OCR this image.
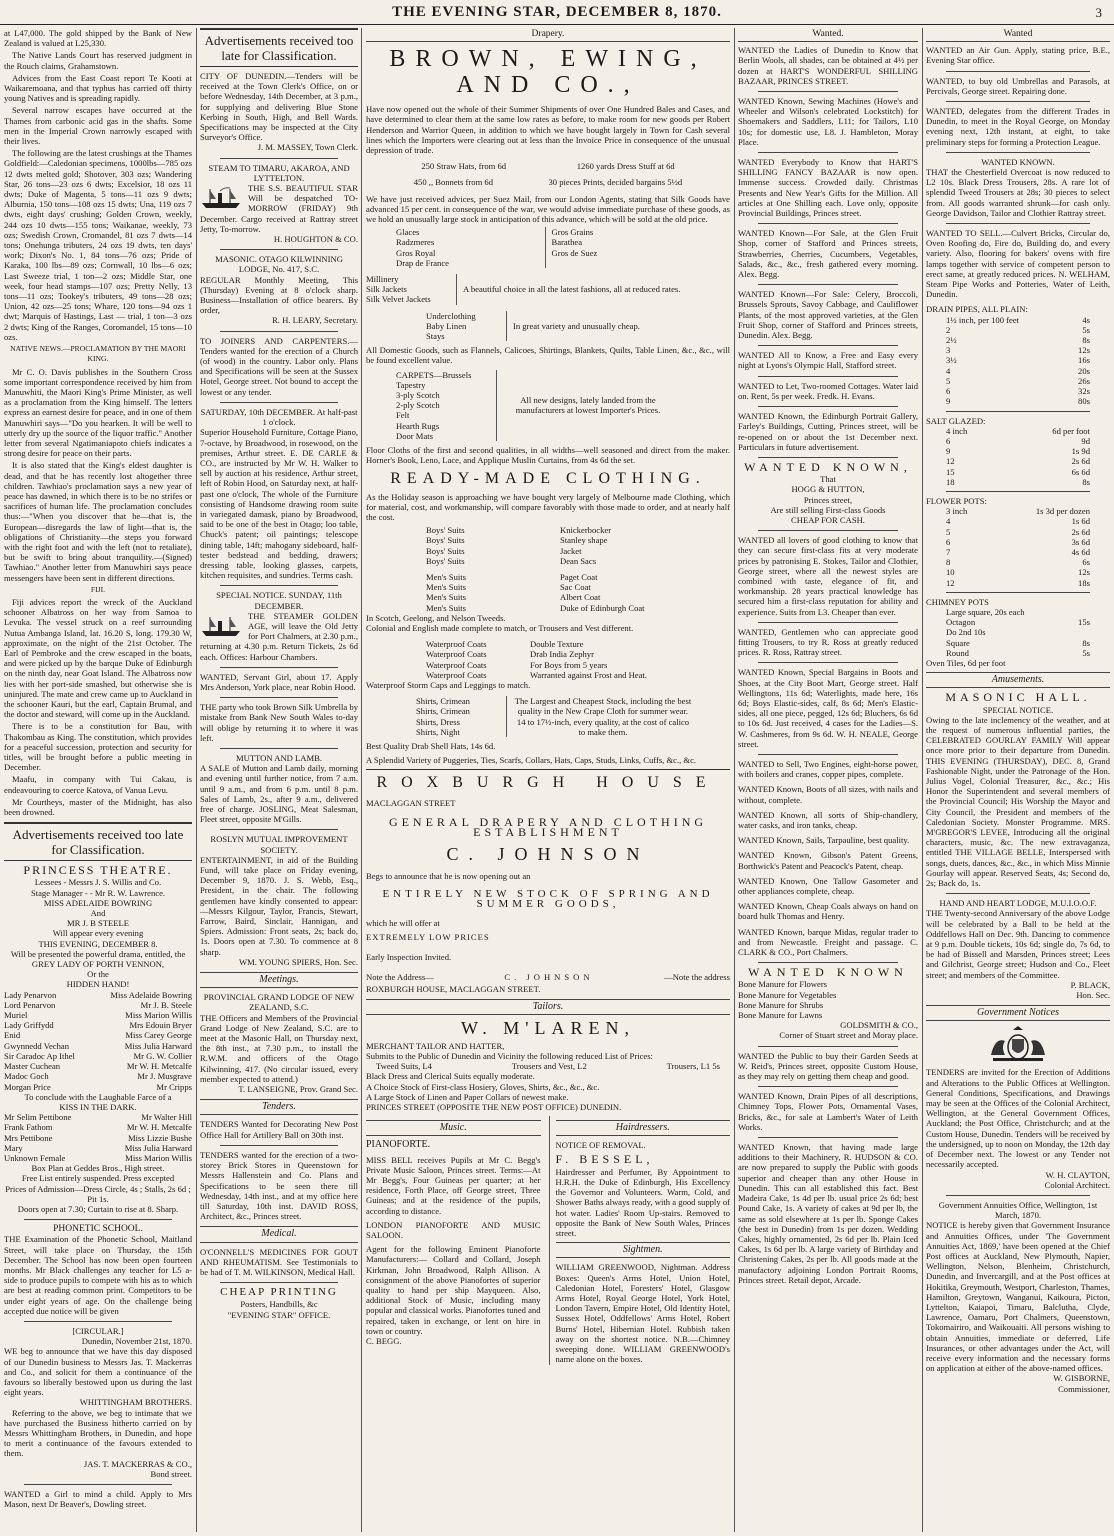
THE EVENING STAR, DECEMBER 8, 1870.	3

at L47,000. The gold shipped by the Bank of New Zealand is valued at L25,330.

The Native Lands Court has reserved judgment in the Rouch claims, Grahamstown.

Advices from the East Coast report Te Kooti at Waikaremoana, and that typhus has carried off thirty young Natives and is spreading rapidly.

Several narrow escapes have occurred at the Thames from carbonic acid gas in the shafts. Some men in the Imperial Crown narrowly escaped with their lives.

The following are the latest crushings at the Thames Goldfield:—Caledonian specimens, 1000lbs—785 ozs 12 dwts melted gold; Shotover, 303 ozs; Wandering Star, 26 tons—23 ozs 6 dwts; Excelsior, 18 ozs 11 dwts; Duke of Magenta, 5 tons—11 ozs 9 dwts; Alburnia, 150 tons—108 ozs 15 dwts; Una, 119 ozs 7 dwts, eight days' crushing; Golden Crown, weekly, 244 ozs 10 dwts—155 tons; Waikanae, weekly, 73 ozs; Swedish Crown, Cromandel, 81 ozs 7 dwts—14 tons; Onehunga tributers, 24 ozs 19 dwts, ten days' work; Dixon's No. 1, 84 tons—76 ozs; Pride of Karaka, 100 lbs—89 ozs; Cornwall, 10 lbs—6 ozs; Last Sweeze trial, 1 ton—2 ozs; Middle Star, one week, four head stamps—107 ozs; Pretty Nelly, 13 tons—11 ozs; Tookey's tributers, 49 tons—28 ozs; Union, 42 ozs—25 tons; Whare, 120 tons—94 ozs 1 dwt; Marquis of Hastings, Last — trial, 1 ton—3 ozs 2 dwts; King of the Ranges, Coromandel, 15 tons—10 ozs.

NATIVE NEWS.—PROCLAMATION BY THE MAORI KING.

Mr C. O. Davis publishes in the Southern Cross some important correspondence received by him from Manuwhiti, the Maori King's Prime Minister, as well as a proclamation from the King himself. The letters express an earnest desire for peace, and in one of them Manuwhiri says—"Do you hearken. It will be well to utterly dry up the source of the liquor traffic." Another letter from several Ngatimaniapoto chiefs indicates a strong desire for peace on their parts.

It is also stated that the King's eldest daughter is dead, and that he has recently lost altogether three children. Tawhiao's proclamation says a new year of peace has dawned, in which there is to be no strifes or sacrifices of human life. The proclamation concludes thus:—"When you discover that he—that is, the European—disregards the law of light—that is, the obligations of Christianity—the steps you forward with the right foot and with the left (not to retaliate), but be swift to bring about tranquility.—(Signed) Tawhiao." Another letter from Manuwhiri says peace messengers have been sent in different directions.

FIJI.

Fiji advices report the wreck of the Auckland schooner Albatross on her way from Samoa to Levuka. The vessel struck on a reef surrounding Nutua Ambanga Island, lat. 16.20 S, long. 179.30 W, approximate, on the night of the 21st October. The Earl of Pembroke and the crew escaped in the boats, and were picked up by the barque Duke of Edinburgh on the ninth day, near Goat Island. The Albatross now lies with her port-side smashed, but otherwise she is uninjured. The mate and crew came up to Auckland in the schooner Kauri, but the earl, Captain Brumal, and the doctor and steward, will come up in the Auckland.

There is to be a constitution for Bau, with Thakombau as King. The constitution, which provides for a peaceful succession, protection and security for titles, will be brought before a public meeting in December.

Maafu, in company with Tui Cakau, is endeavouring to coerce Katova, of Vanua Levu.

Mr Courtheys, master of the Midnight, has also been drowned.

Advertisements received too late for Classification.
PRINCESS THEATRE.
Lessees - Messrs J. S. Willis and Co.
Stage Manager - - Mr R. W. Lawrence.
MISS ADELAIDE BOWRING
And
MR J. B STEELE
Will appear every evening
THIS EVENING, DECEMBER 8.
Will be presented the powerful drama, entitled, the
GREY LADY OF PORTH VENNON,
Or the
HIDDEN HAND!
Lady Penarvon	Miss Adelaide Bowring
Lord Penarvon	Mr J. B. Steele
Muriel	Miss Marion Willis
Lady Griffydd	Mrs Edouin Bryer
Enid	Miss Carey George
Gwynnedd Vechan	Miss Julia Harward
Sir Caradoc Ap Ithel	Mr G. W. Collier
Master Cuchean	Mr W. H. Metcalfe
Madoc Goch	Mr J. Musgrave
Morgan Price	Mr Cripps
To conclude with the Laughable Farce of a
KISS IN THE DARK.
Mr Selim Pettibone	Mr Walter Hill
Frank Fathom	Mr W. H. Metcalfe
Mrs Pettibone	Miss Lizzie Bushe
Mary	Miss Julia Harward
Unknown Female	Miss Marion Willis
Box Plan at Geddes Bros., High street.
Free List entirely suspended. Press excepted
Prices of Admission—Dress Circle, 4s ; Stalls, 2s 6d ; Pit 1s.
Doors open at 7.30; Curtain to rise at 8. Sharp.
PHONETIC SCHOOL.

THE Examination of the Phonetic School, Maitland Street, will take place on Thursday, the 15th December. The School has now been open fourteen months. Mr Black challenges any teacher for L5 a-side to produce pupils to compete with his as to which are best at reading common print. Competitors to be under eight years of age. On the challenge being accepted due notice will be given

[CIRCULAR.]
Dunedin, November 21st, 1870.

WE beg to announce that we have this day disposed of our Dunedin business to Messrs Jas. T. Mackerras and Co., and solicit for them a continuance of the favours so liberally bestowed upon us during the last eight years.

WHITTINGHAM BROTHERS.

Referring to the above, we beg to intimate that we have purchased the Business hitherto carried on by Messrs Whittingham Brothers, in Dunedin, and hope to merit a continuance of the favours extended to them.

JAS. T. MACKERRAS & CO.,
Bond street.

WANTED a Girl to mind a child. Apply to Mrs Mason, next Dr Beaver's, Dowling street.

Advertisements received too late for Classification.

CITY OF DUNEDIN.—Tenders will be received at the Town Clerk's Office, on or before Wednesday, 14th December, at 3 p.m., for supplying and delivering Blue Stone Kerbing in South, High, and Bell Wards. Specifications may be inspected at the City Surveyor's Office.

J. M. MASSEY, Town Clerk.
STEAM TO TIMARU, AKAROA, AND LYTTELTON.

THE S.S. BEAUTIFUL STAR Will be despatched TO-MORROW (FRIDAY) 9th December. Cargo received at Rattray street Jetty, To-morrow.

H. HOUGHTON & CO.
MASONIC. OTAGO KILWINNING LODGE, No. 417, S.C.

REGULAR Monthly Meeting, This (Thursday) Evening at 8 o'clock sharp. Business—Installation of office bearers. By order,

R. H. LEARY, Secretary.

TO JOINERS AND CARPENTERS.—Tenders wanted for the erection of a Church (of wood) in the country. Labor only. Plans and Specifications will be seen at the Sussex Hotel, George street. Not bound to accept the lowest or any tender.

SATURDAY, 10th DECEMBER. At half-past 1 o'clock.

Superior Household Furniture, Cottage Piano, 7-octave, by Broadwood, in rosewood, on the premises, Arthur street. E. DE CARLE & CO., are instructed by Mr W. H. Walker to sell by auction at his residence, Arthur street, left of Robin Hood, on Saturday next, at half-past one o'clock, The whole of the Furniture consisting of Handsome drawing room suite in variegated damask, piano by Broadwood, said to be one of the best in Otago; loo table, Chuck's patent; oil paintings; telescope dining table, 14ft; mahogany sideboard, half-tester bedstead and bedding, drawers; dressing table, looking glasses, carpets, kitchen requisites, and sundries. Terms cash.

SPECIAL NOTICE. SUNDAY, 11th DECEMBER.

THE STEAMER GOLDEN AGE, will leave the Old Jetty for Port Chalmers, at 2.30 p.m., returning at 4.30 p.m. Return Tickets, 2s 6d each. Offices: Harbour Chambers.

WANTED, Servant Girl, about 17. Apply Mrs Anderson, York place, near Robin Hood.

THE party who took Brown Silk Umbrella by mistake from Bank New South Wales to-day will oblige by returning it to where it was left.

MUTTON AND LAMB.

A SALE of Mutton and Lamb daily, morning and evening until further notice, from 7 a.m. until 9 a.m., and from 6 p.m. until 8 p.m. Sales of Lamb, 2s., after 9 a.m., delivered free of charge. JOSLING, Meat Salesman, Fleet street, opposite M'Gills.

ROSLYN MUTUAL IMPROVEMENT SOCIETY.

ENTERTAINMENT, in aid of the Building Fund, will take place on Friday evening, December 9, 1870. J. S. Webb, Esq., President, in the chair. The following gentlemen have kindly consented to appear:—Messrs Kilgour, Taylor, Francis, Stewart, Farrow, Baird, Sinclair, Hannigan, and Spiers. Admission: Front seats, 2s; back do, 1s. Doors open at 7.30. To commence at 8 sharp.

WM. YOUNG SPIERS, Hon. Sec.
Meetings.
PROVINCIAL GRAND LODGE OF NEW ZEALAND, S.C.

THE Officers and Members of the Provincial Grand Lodge of New Zealand, S.C. are to meet at the Masonic Hall, on Thursday next, the 8th inst., at 7.30 p.m., to install the R.W.M. and officers of the Otago Kilwinning, 417. (No circular issued, every member expected to attend.)

T. LANSEIGNE, Prov. Grand Sec.
Tenders.

TENDERS Wanted for Decorating New Post Office Hall for Artillery Ball on 30th inst.

TENDERS wanted for the erection of a two-storey Brick Stores in Queenstown for Messrs Hallenstein and Co. Plans and Specifications to be seen there till Wednesday, 14th inst., and at my office here till Saturday, 10th inst. DAVID ROSS, Architect, &c., Princes street.

Medical.

O'CONNELL'S MEDICINES FOR GOUT AND RHEUMATISM. See Testimonials to be had of T. M. WILKINSON, Medical Hall.

CHEAP PRINTING
Posters, Handbills, &c
"EVENING STAR" OFFICE.
Drapery.
BROWN, EWING, AND CO.,

Have now opened out the whole of their Summer Shipments of over One Hundred Bales and Cases, and have determined to clear them at the same low rates as before, to make room for new goods per Robert Henderson and Warrior Queen, in addition to which we have bought largely in Town for Cash several lines which the Importers were clearing out at less than the Invoice Price in consequence of the unusual depression of trade.

250 Straw Hats, from 6d	1260 yards Dress Stuff at 6d
450 ,, Bonnets from 6d	30 pieces Prints, decided bargains 5½d

We have just received advices, per Suez Mail, from our London Agents, stating that Silk Goods have advanced 15 per cent. in consequence of the war, we would advise immediate purchase of these goods, as we hold an unusually large stock in anticipation of this advance, which will be sold at the old price.

Glaces
Radzmeres
Gros Royal
Drap de France
Gros Grains
Barathea
Gros de Suez
Millinery
Silk Jackets
Silk Velvet Jackets
A beautiful choice in all the latest fashions, all at reduced rates.
Underclothing
Baby Linen
Stays
In great variety and unusually cheap.

All Domestic Goods, such as Flannels, Calicoes, Shirtings, Blankets, Quilts, Table Linen, &c., &c., will be found excellent value.

CARPETS—Brussels
Tapestry
3-ply Scotch
2-ply Scotch
Felt
Hearth Rugs
Door Mats
All new designs, lately landed from the manufacturers at lowest Importer's Prices.

Floor Cloths of the first and second qualities, in all widths—well seasoned and direct from the maker. Horner's Book, Leno, Lace, and Applique Muslin Curtains, from 4s 6d the set.

READY-MADE CLOTHING.

As the Holiday season is approaching we have bought very largely of Melbourne made Clothing, which for material, cost, and workmanship, will compare favorably with those made to order, and at nearly half the cost.

Boys' Suits	Knickerbocker
Boys' Suits	Stanley shape
Boys' Suits	Jacket
Boys' Suits	Dean Sacs
Men's Suits	Paget Coat
Men's Suits	Sac Coat
Men's Suits	Albert Coat
Men's Suits	Duke of Edinburgh Coat
In Scotch, Geelong, and Nelson Tweeds.
Colonial and English made complete to match, or Trousers and Vest different.
Waterproof Coats	Double Texture
Waterproof Coats	Drab India Zephyr
Waterproof Coats	For Boys from 5 years
Waterproof Coats	Warranted against Frost and Heat.
Waterproof Storm Caps and Leggings to match.
Shirts, Crimean
Shirts, Crimean
Shirts, Dress
Shirts, Night
The Largest and Cheapest Stock, including the best quality in the New Crape Cloth for summer wear. 14 to 17½-inch, every quality, at the cost of calico to make them.
Best Quality Drab Shell Hats, 14s 6d.
A Splendid Variety of Puggeries, Ties, Scarfs, Collars, Hats, Caps, Studs, Links, Cuffs, &c., &c.
ROXBURGH HOUSE
MACLAGGAN STREET
GENERAL DRAPERY AND CLOTHING ESTABLISHMENT
C. JOHNSON
Begs to announce that he is now opening out an
ENTIRELY NEW STOCK OF SPRING AND SUMMER GOODS,
which he will offer at
EXTREMELY LOW PRICES
Early Inspection Invited.
Note the Address—	C. JOHNSON	—Note the address
ROXBURGH HOUSE, MACLAGGAN STREET.
Tailors.
W. M'LAREN,
MERCHANT TAILOR AND HATTER,
Submits to the Public of Dunedin and Vicinity the following reduced List of Prices:
Tweed Suits, L4	Trousers and Vest, L2	Trousers, L1 5s
Black Dress and Clerical Suits equally moderate.
A Choice Stock of First-class Hosiery, Gloves, Shirts, &c., &c., &c.
A Large Stock of Linen and Paper Collars of newest make.
PRINCES STREET (OPPOSITE THE NEW POST OFFICE) DUNEDIN.
Music.
PIANOFORTE.

MISS BELL receives Pupils at Mr C. Begg's Private Music Saloon, Princes street. Terms:—At Mr Begg's, Four Guineas per quarter; at her residence, Forth Place, off George street, Three Guineas; and at the residence of the pupils, according to distance.

LONDON PIANOFORTE AND MUSIC SALOON.

Agent for the following Eminent Pianoforte Manufacturers:— Collard and Collard, Joseph Kirkman, John Broadwood, Ralph Allison. A consignment of the above Pianofortes of superior quality to hand per ship Mayqueen. Also, additional Stock of Music, including many popular and classical works. Pianofortes tuned and repaired, taken in exchange, or lent on hire in town or country.

C. BEGG.
Hairdressers.
NOTICE OF REMOVAL.
F. BESSEL,

Hairdresser and Perfumer, By Appointment to H.R.H. the Duke of Edinburgh, His Excellency the Governor and Volunteers. Warm, Cold, and Shower Baths always ready, with a good supply of hot water. Ladies' Room Up-stairs. Removed to opposite the Bank of New South Wales, Princes street.

Sightmen.

WILLIAM GREENWOOD, Nightman. Address Boxes: Queen's Arms Hotel, Union Hotel, Caledonian Hotel, Foresters' Hotel, Glasgow Arms Hotel, Royal George Hotel, York Hotel, London Tavern, Empire Hotel, Old Identity Hotel, Sussex Hotel, Oddfellows' Arms Hotel, Robert Burns' Hotel, Hibernian Hotel. Rubbish taken away on the shortest notice. N.B.—Chimney sweeping done. WILLIAM GREENWOOD's name alone on the boxes.

Wanted.

WANTED the Ladies of Dunedin to Know that Berlin Wools, all shades, can be obtained at 4½ per dozen at HART'S WONDERFUL SHILLING BAZAAR, PRINCES STREET.

WANTED Known, Sewing Machines (Howe's and Wheeler and Wilson's celebrated Lockstitch) for Shoemakers and Saddlers, L11; for Tailors, L10 10s; for domestic use, L8. J. Hambleton, Moray Place.

WANTED Everybody to Know that HART'S SHILLING FANCY BAZAAR is now open. Immense success. Crowded daily. Christmas Presents and New Year's Gifts for the Million. All articles at One Shilling each. Love only, opposite Provincial Buildings, Princes street.

WANTED Known—For Sale, at the Glen Fruit Shop, corner of Stafford and Princes streets, Strawberries, Cherries, Cucumbers, Vegetables, Salads, &c., &c., fresh gathered every morning. Alex. Begg.

WANTED Known—For Sale: Celery, Broccoli, Brussels Sprouts, Savoy Cabbage, and Cauliflower Plants, of the most approved varieties, at the Glen Fruit Shop, corner of Stafford and Princes streets, Dunedin. Alex. Begg.

WANTED All to Know, a Free and Easy every night at Lyons's Olympic Hall, Stafford street.

WANTED to Let, Two-roomed Cottages. Water laid on. Rent, 5s per week. Fredk. H. Evans.

WANTED Known, the Edinburgh Portrait Gallery, Farley's Buildings, Cutting, Princes street, will be re-opened on or about the 1st December next. Particulars in future advertisement.

WANTED KNOWN,
That
HOGG & HUTTON,
Princes street,
Are still selling First-class Goods
CHEAP FOR CASH.

WANTED all lovers of good clothing to know that they can secure first-class fits at very moderate prices by patronising E. Stokes, Tailor and Clothier, George street, where all the newest styles are combined with taste, elegance of fit, and workmanship. 28 years practical knowledge has secured him a first-class reputation for ability and experience. Suits from L3. Cheaper than ever.

WANTED, Gentlemen who can appreciate good fitting Trousers, to try R. Ross at greatly reduced prices. R. Ross, Rattray street.

WANTED Known, Special Bargains in Boots and Shoes, at the City Boot Mart, George street. Half Wellingtons, 11s 6d; Waterlights, made here, 16s 6d; Boys Elastic-sides, calf, 8s 6d; Men's Elastic-sides, all one piece, pegged, 12s 6d; Bluchers, 6s 6d to 10s 6d. Just received, 4 cases for the Ladies—S. W. Cashmeres, from 9s 6d. W. H. NEALE, George street.

WANTED to Sell, Two Engines, eight-horse power, with boilers and cranes, copper pipes, complete.

WANTED Known, Boots of all sizes, with nails and without, complete.

WANTED Known, all sorts of Ship-chandlery, water casks, and iron tanks, cheap.

WANTED Known, Sails, Tarpauline, best quality.

WANTED Known, Gibson's Patent Greens, Borthwick's Patent and Peacock's Patent, cheap.

WANTED Known, One Tallow Gasometer and other appliances complete, cheap.

WANTED Known, Cheap Coals always on hand on board hulk Thomas and Henry.

WANTED Known, barque Midas, regular trader to and from Newcastle. Freight and passage. C. CLARK & CO., Port Chalmers.

WANTED KNOWN
Bone Manure for Flowers
Bone Manure for Vegetables
Bone Manure for Shrubs
Bone Manure for Lawns
GOLDSMITH & CO.,
Corner of Stuart street and Moray place.

WANTED the Public to buy their Garden Seeds at W. Reid's, Princes street, opposite Custom House, as they may rely on getting them cheap and good.

WANTED Known, Drain Pipes of all descriptions, Chimney Tops, Flower Pots, Ornamental Vases, Bricks, &c., for sale at Lambert's Water of Leith Works.

WANTED Known, that having made large additions to their Machinery, R. HUDSON & CO. are now prepared to supply the Public with goods superior and cheaper than any other House in Dunedin. This can all established this fact. Best Madeira Cake, 1s 4d per lb. usual price 2s 6d; best Pound Cake, 1s. A variety of cakes at 9d per lb, the same as sold elsewhere at 1s per lb. Sponge Cakes (the best in Dunedin) from 1s per dozen. Wedding Cakes, highly ornamented, 2s 6d per lb. Plain Iced Cakes, 1s 6d per lb. A large variety of Birthday and Christening Cakes, 2s per lb. All goods made at the manufactory adjoining London Portrait Rooms, Princes street. Retail depot, Arcade.

Wanted

WANTED an Air Gun. Apply, stating price, B.E., Evening Star office.

WANTED, to buy old Umbrellas and Parasols, at Percivals, George street. Repairing done.

WANTED, delegates from the different Trades in Dunedin, to meet in the Royal George, on Monday evening next, 12th instant, at eight, to take preliminary steps for forming a Protection League.

WANTED KNOWN.

THAT the Chesterfield Overcoat is now reduced to L2 10s. Black Dress Trousers, 28s. A rare lot of splendid Tweed Trousers at 28s; 30 pieces to select from. All goods warranted shrunk—for cash only. George Davidson, Tailor and Clothier Rattray street.

WANTED TO SELL.—Culvert Bricks, Circular do, Oven Roofing do, Fire do, Building do, and every variety. Also, flooring for bakers' ovens with fire lamps together with service of competent person to erect same, at greatly reduced prices. N. WELHAM, Steam Pipe Works and Potteries, Water of Leith, Dunedin.

DRAIN PIPES, ALL PLAIN:
1½ inch, per 100 feet	4s
2	5s
2½	8s
3	12s
3½	16s
4	20s
5	26s
6	32s
9	80s
SALT GLAZED:
4 inch	6d per foot
6	9d
9	1s 9d
12	2s 6d
15	6s 6d
18	8s
FLOWER POTS:
3 inch	1s 3d per dozen
4	1s 6d
5	2s 6d
6	3s 6d
7	4s 6d
8	6s
10	12s
12	18s
CHIMNEY POTS
Large square, 20s each
Octagon	15s
Do 2nd 10s
Square	8s
Round	5s
Oven Tiles, 6d per foot
Amusements.
MASONIC HALL.
SPECIAL NOTICE.

Owing to the late inclemency of the weather, and at the request of numerous influential parties, the CELEBRATED GOURLAY FAMILY Will appear once more prior to their departure from Dunedin. THIS EVENING (THURSDAY), DEC. 8, Grand Fashionable Night, under the Patronage of the Hon. Julius Vogel, Colonial Treasurer, &c., &c.; His Honor the Superintendent and several members of the Provincial Council; His Worship the Mayor and City Council, the President and members of the Caledonian Society. Monster Programme. MRS. M'GREGOR'S LEVEE, Introducing all the original characters, music, &c. The new extravaganza, entitled THE VILLAGE BELLE, Interspersed with songs, duets, dances, &c., &c., in which Miss Minnie Gourlay will appear. Reserved Seats, 4s; Second do, 2s; Back do, 1s.

HAND AND HEART LODGE, M.U.I.O.O.F.

THE Twenty-second Anniversary of the above Lodge will be celebrated by a Ball to be held at the Oddfellows Hall on Dec. 9th. Dancing to commence at 9 p.m. Double tickets, 10s 6d; single do, 7s 6d, to be had of Bissell and Marsden, Princes street; Lees and Gilchrist, George street; Hudson and Co., Fleet street; and members of the Committee.

P. BLACK,
Hon. Sec.
Government Notices

TENDERS are invited for the Erection of Additions and Alterations to the Public Offices at Wellington. General Conditions, Specifications, and Drawings may be seen at the Offices of the Colonial Architect, Wellington, at the General Government Offices, Auckland; the Post Office, Christchurch; and at the Custom House, Dunedin. Tenders will be received by the undersigned, up to noon on Monday, the 12th day of December next. The lowest or any Tender not necessarily accepted.

W. H. CLAYTON,
Colonial Architect.
Government Annuities Office, Wellington, 1st March, 1870.

NOTICE is hereby given that Government Insurance and Annuities Offices, under 'The Government Annuities Act, 1869,' have been opened at the Chief Post offices at Auckland, New Plymouth, Napier, Wellington, Nelson, Blenheim, Christchurch, Dunedin, and Invercargill, and at the Post offices at Hokitika, Greymouth, Westport, Charleston, Thames, Hamilton, Greytown, Wanganui, Kaikoura, Picton, Lyttelton, Kaiapoi, Timaru, Balclutha, Clyde, Lawrence, Oamaru, Port Chalmers, Queenstown, Tokomairiro, and Waikouaiti. All persons wishing to obtain Annuities, immediate or deferred, Life Insurances, or other advantages under the Act, will receive every information and the necessary forms on application at either of the above-named offices.

W. GISBORNE,
Commissioner,
